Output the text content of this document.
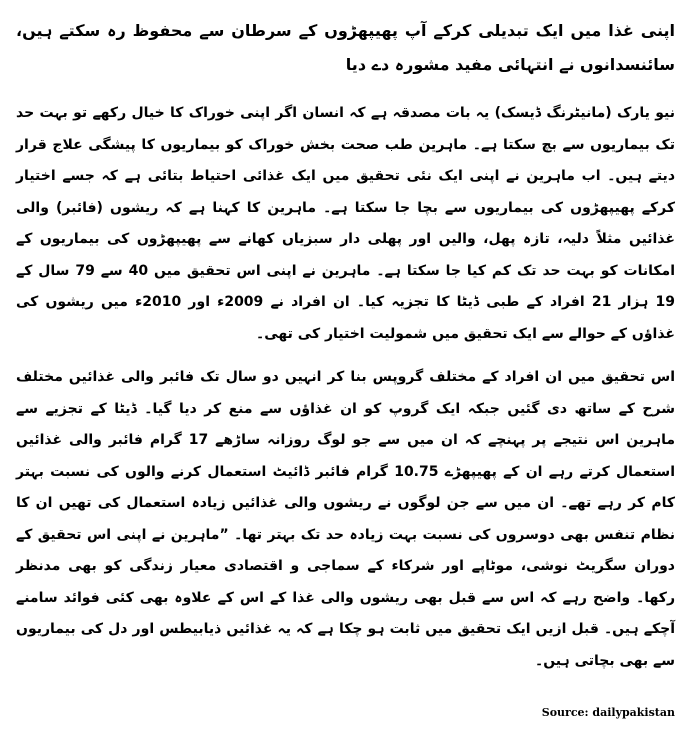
اپنی غذا میں ایک تبدیلی کرکے آپ پھیپھڑوں کے سرطان سے محفوظ رہ سکتے ہیں، سائنسدانوں نے انتہائی مفید مشورہ دے دیا
نیو یارک (مانیٹرنگ ڈیسک) یہ بات مصدقہ ہے کہ انسان اگر اپنی خوراک کا خیال رکھے تو بہت حد تک بیماریوں سے بچ سکتا ہے۔ ماہرین طب صحت بخش خوراک کو بیماریوں کا پیشگی علاج قرار دیتے ہیں۔ اب ماہرین نے اپنی ایک نئی تحقیق میں ایک غذائی احتیاط بتائی ہے کہ جسے اختیار کرکے پھیپھڑوں کی بیماریوں سے بچا جا سکتا ہے۔ ماہرین کا کہنا ہے کہ ریشوں (فائبر) والی غذائیں مثلاً دلیہ، تازہ پھل، والیں اور پھلی دار سبزیاں کھانے سے پھیپھڑوں کی بیماریوں کے امکانات کو بہت حد تک کم کیا جا سکتا ہے۔ ماہرین نے اپنی اس تحقیق میں 40 سے 79 سال کے 19 ہزار 21 افراد کے طبی ڈیٹا کا تجزیہ کیا۔ ان افراد نے 2009ء اور 2010ء میں ریشوں کی غذاؤں کے حوالے سے ایک تحقیق میں شمولیت اختیار کی تھی۔
اس تحقیق میں ان افراد کے مختلف گروپس بنا کر انہیں دو سال تک فائبر والی غذائیں مختلف شرح کے ساتھ دی گئیں جبکہ ایک گروپ کو ان غذاؤں سے منع کر دیا گیا۔ ڈیٹا کے تجزیے سے ماہرین اس نتیجے پر پہنچے کہ ان میں سے جو لوگ روزانہ ساڑھے 17 گرام فائبر والی غذائیں استعمال کرتے رہے ان کے پھیپھڑے 10.75 گرام فائبر ڈائیٹ استعمال کرنے والوں کی نسبت بہتر کام کر رہے تھے۔ ان میں سے جن لوگوں نے ریشوں والی غذائیں زیادہ استعمال کی تھیں ان کا نظام تنفس بھی دوسروں کی نسبت بہت زیادہ حد تک بہتر تھا۔ ”ماہرین نے اپنی اس تحقیق کے دوران سگریٹ نوشی، موٹاپے اور شرکاء کے سماجی و اقتصادی معیار زندگی کو بھی مدنظر رکھا۔ واضح رہے کہ اس سے قبل بھی ریشوں والی غذا کے اس کے علاوہ بھی کئی فوائد سامنے آچکے ہیں۔ قبل ازیں ایک تحقیق میں ثابت ہو چکا ہے کہ یہ غذائیں ذیابیطس اور دل کی بیماریوں سے بھی بچاتی ہیں۔
Source: dailypakistan
